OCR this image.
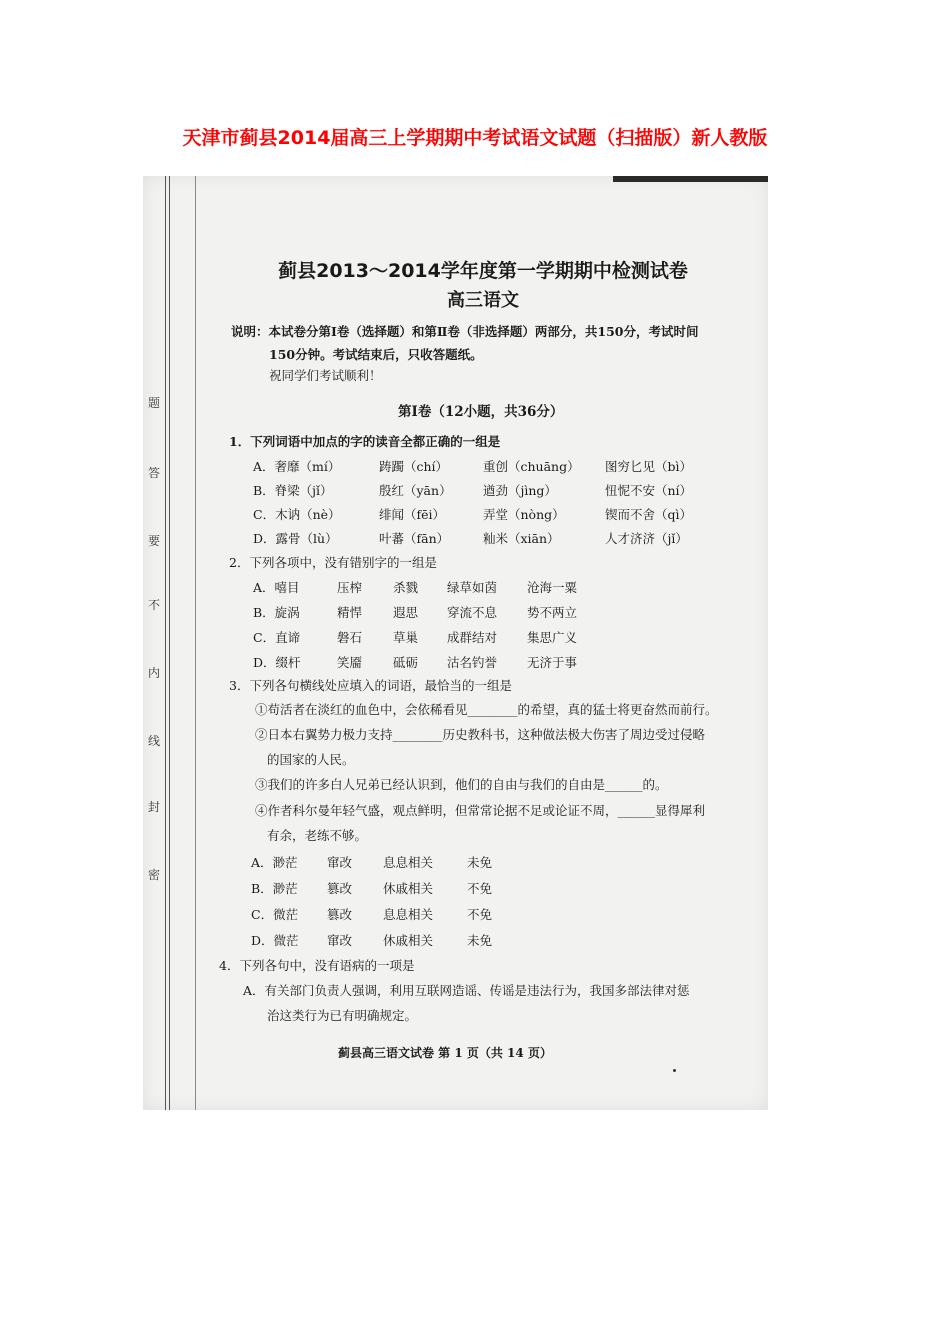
天津市蓟县2014届高三上学期期中考试语文试题（扫描版）新人教版
题
答
要
不
内
线
封
密
蓟县2013～2014学年度第一学期期中检测试卷
高三语文
说明：本试卷分第Ⅰ卷（选择题）和第Ⅱ卷（非选择题）两部分，共150分，考试时间
150分钟。考试结束后，只收答题纸。
祝同学们考试顺利！
第Ⅰ卷（12小题，共36分）
1．下列词语中加点的字的读音全都正确的一组是
A．奢靡（mí）	踌躅（chí）	重创（chuāng） 图穷匕见（bì）
B．脊梁（jǐ）	殷红（yān）	遒劲（jìng）	忸怩不安（ní）
C．木讷（nè）	绯闻（fēi）	弄堂（nòng）	锲而不舍（qì）
D．露骨（lù）	叶蕃（fān）	籼米（xiān）	人才济济（jǐ）
2．下列各项中，没有错别字的一组是
A．嘻目	压榨 杀戮 绿草如茵 沧海一粟
B．旋涡	精悍 遐思 穿流不息 势不两立
C．直谛	磐石 草巢 成群结对 集思广义
D．缀杆	笑靥 砥砺 沽名钓誉 无济于事
3．下列各句横线处应填入的词语，最恰当的一组是
①苟活者在淡红的血色中，会依稀看见________的希望，真的猛士将更奋然而前行。
②日本右翼势力极力支持________历史教科书，这种做法极大伤害了周边受过侵略
的国家的人民。
③我们的许多白人兄弟已经认识到，他们的自由与我们的自由是______的。
④作者科尔曼年轻气盛，观点鲜明，但常常论据不足或论证不周，______显得犀利
有余，老练不够。
A．渺茫 窜改 息息相关	未免
B．渺茫 篡改 休戚相关	不免
C．微茫 篡改 息息相关	不免
D．微茫 窜改 休戚相关	未免
4．下列各句中，没有语病的一项是
A．有关部门负责人强调，利用互联网造谣、传谣是违法行为，我国多部法律对惩
治这类行为已有明确规定。
蓟县高三语文试卷 第 1 页（共 14 页）
